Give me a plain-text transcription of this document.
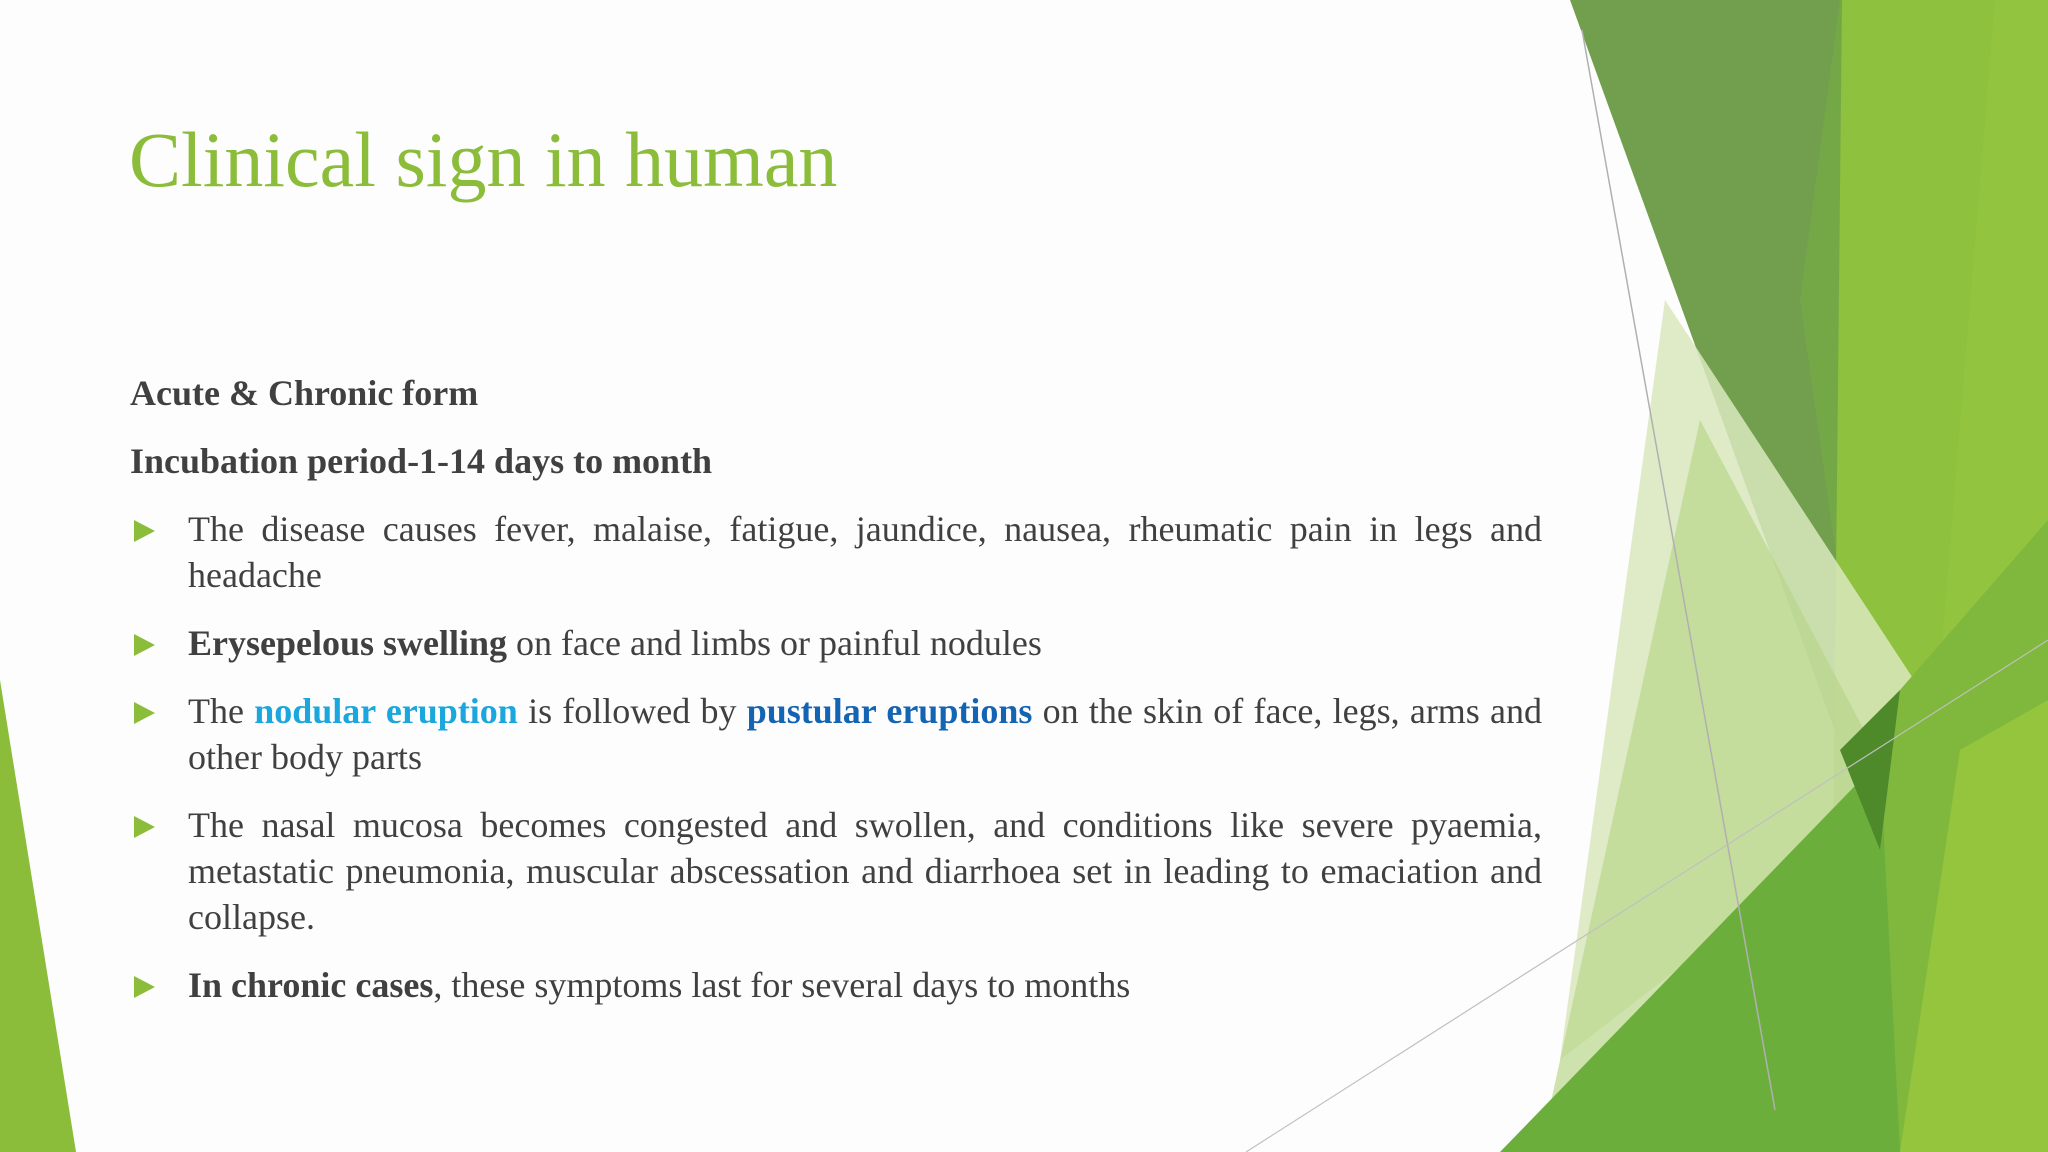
Clinical sign in human

Acute & Chronic form

Incubation period-1-14 days to month

The disease causes fever, malaise, fatigue, jaundice, nausea, rheumatic pain in legs and headache
Erysepelous swelling on face and limbs or painful nodules
The nodular eruption is followed by pustular eruptions on the skin of face, legs, arms and other body parts
The nasal mucosa becomes congested and swollen, and conditions like severe pyaemia, metastatic pneumonia, muscular abscessation and diarrhoea set in leading to emaciation and collapse.
In chronic cases, these symptoms last for several days to months
